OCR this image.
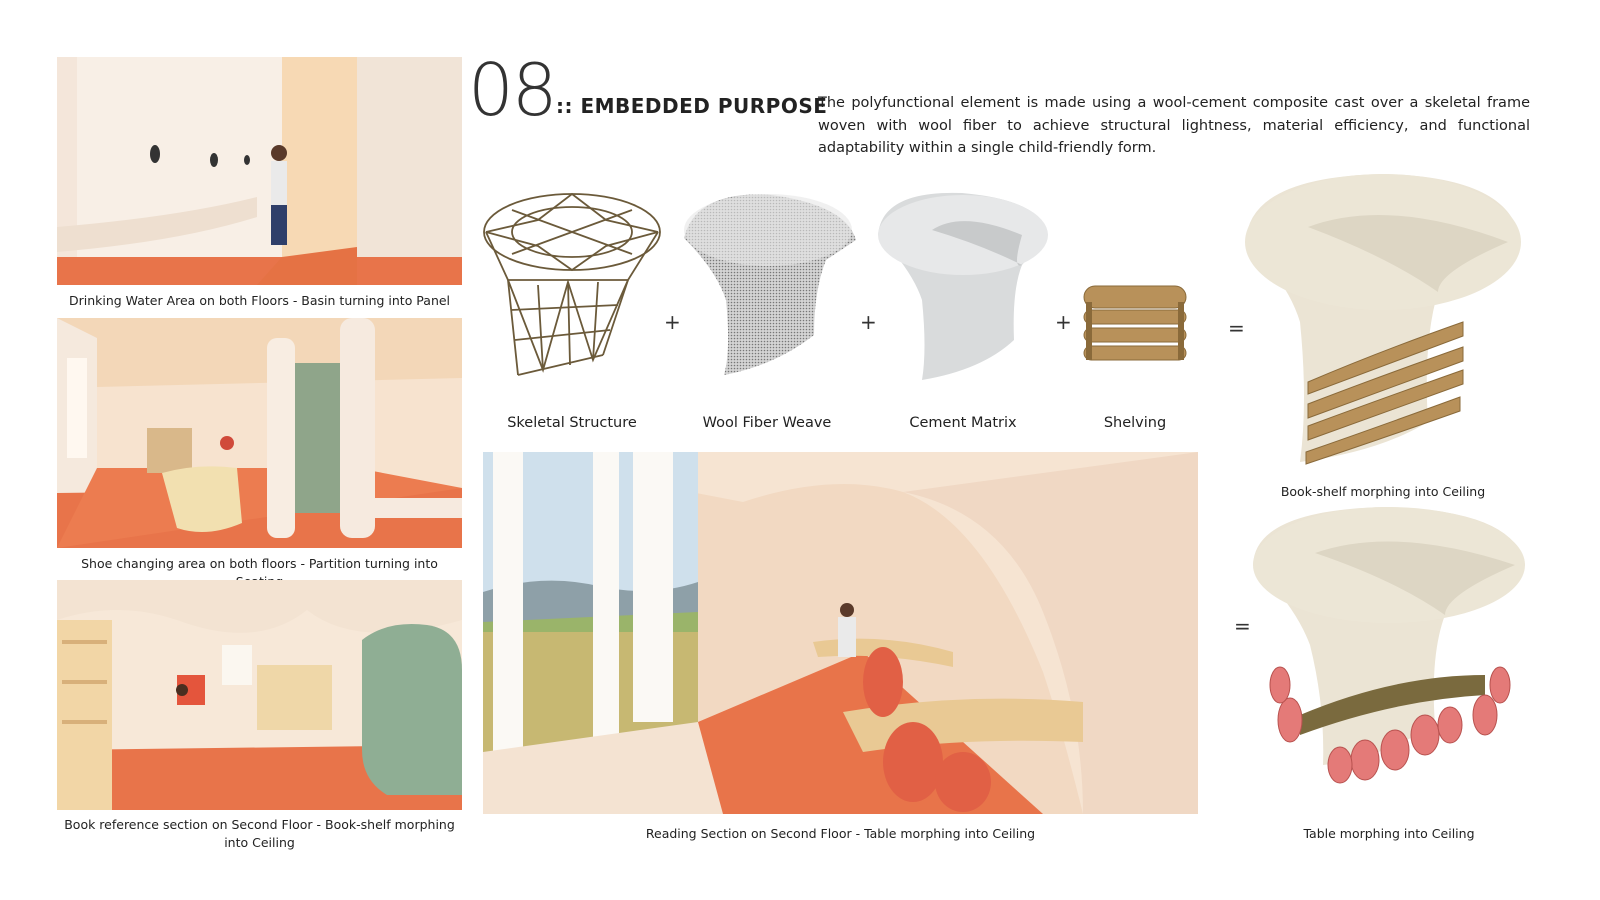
Drinking Water Area on both Floors - Basin turning into Panel
Shoe changing area on both floors - Partition turning into
Book reference section on Second Floor - Book-shelf morphing into Ceiling
08 :: EMBEDDED PURPOSE
The polyfunctional element is made using a wool-cement composite cast over a skeletal frame woven with wool fiber to achieve structural lightness, material efficiency, and functional adaptability within a single child-friendly form.
+	+	+
Skeletal Structure	Wool Fiber Weave	Cement Matrix	Shelving
=
Book-shelf morphing into Ceiling
Reading Section on Second Floor - Table morphing into Ceiling
=
Table morphing into Ceiling
